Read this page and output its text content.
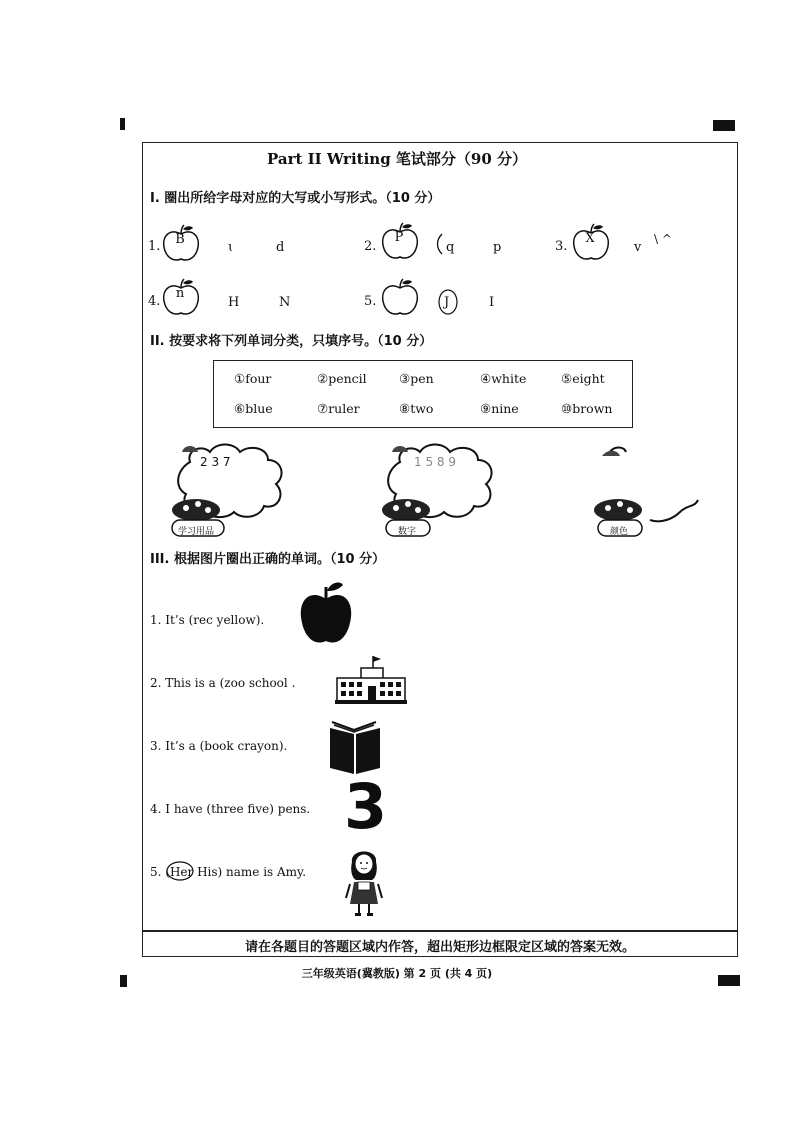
Part II Writing 笔试部分（90 分）
I. 圈出所给字母对应的大写或小写形式。（10 分）
1.	B
ɩ	d	2.
P
q	p	3.
X
v
\ ^
4.
n
H	N	5.	J	I
II. 按要求将下列单词分类，只填序号。（10 分）
①four	②pencil	③pen	④white	⑤eight
⑥blue	⑦ruler	⑧two	⑨nine	⑩brown
学习用品
2 3 7
数字
1 5 8 9
颜色
III. 根据图片圈出正确的单词。（10 分）
1. It’s (rec yellow).
2. This is a (zoo school .
3. It’s a (book crayon).
4. I have (three five) pens. 3
5. (Her His) name is Amy.
请在各题目的答题区域内作答，超出矩形边框限定区域的答案无效。
三年级英语(冀教版) 第 2 页 (共 4 页)
